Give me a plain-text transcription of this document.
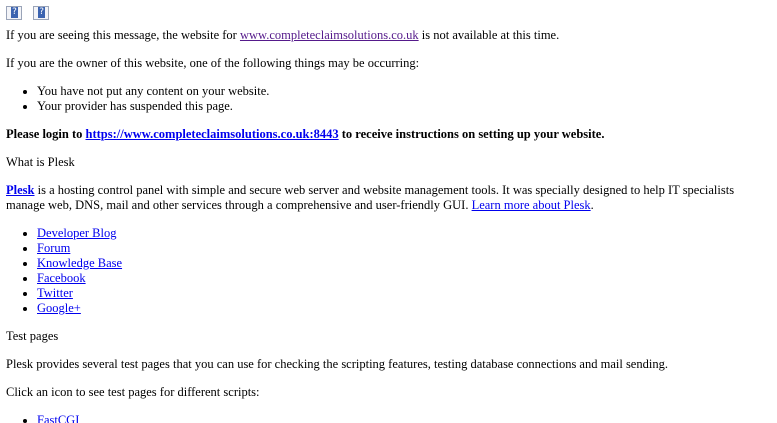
? ?

If you are seeing this message, the website for www.completeclaimsolutions.co.uk is not available at this time.

If you are the owner of this website, one of the following things may be occurring:

• You have not put any content on your website.
• Your provider has suspended this page.

Please login to https://www.completeclaimsolutions.co.uk:8443 to receive instructions on setting up your website.

What is Plesk

Plesk is a hosting control panel with simple and secure web server and website management tools. It was specially designed to help IT specialists manage web, DNS, mail and other services through a comprehensive and user-friendly GUI. Learn more about Plesk.

• Developer Blog
• Forum
• Knowledge Base
• Facebook
• Twitter
• Google+

Test pages

Plesk provides several test pages that you can use for checking the scripting features, testing database connections and mail sending.

Click an icon to see test pages for different scripts:

• FastCGI
